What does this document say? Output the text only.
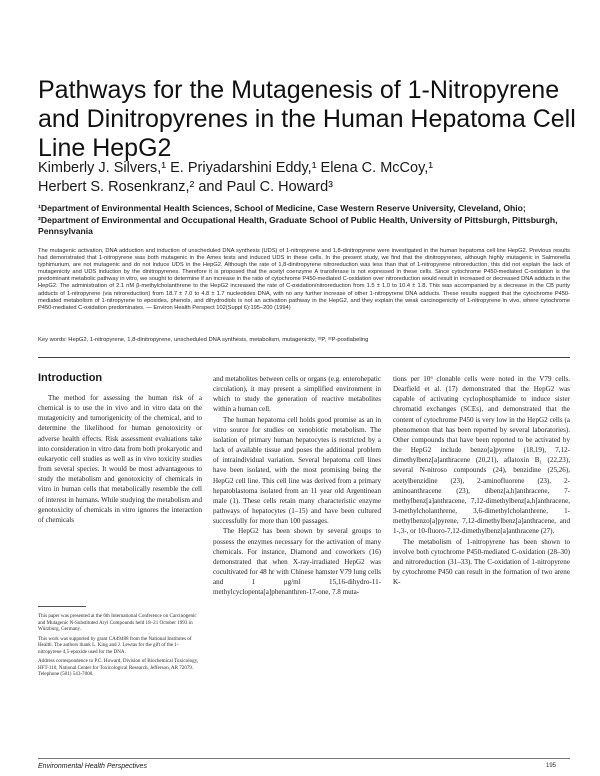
Pathways for the Mutagenesis of 1-Nitropyrene and Dinitropyrenes in the Human Hepatoma Cell Line HepG2
Kimberly J. Silvers,¹ E. Priyadarshini Eddy,¹ Elena C. McCoy,¹
Herbert S. Rosenkranz,² and Paul C. Howard³
¹Department of Environmental Health Sciences, School of Medicine, Case Western Reserve University, Cleveland, Ohio; ²Department of Environmental and Occupational Health, Graduate School of Public Health, University of Pittsburgh, Pittsburgh, Pennsylvania
The mutagenic activation, DNA adduction and induction of unscheduled DNA synthesis (UDS) of 1-nitropyrene and 1,8-dinitropyrene were investigated in the human hepatoma cell line HepG2. Previous results had demonstrated that 1-nitropyrene was both mutagenic in the Ames tests and induced UDS in these cells. In the present study, we find that the dinitropyrenes, although highly mutagenic in Salmonella typhimurium, are not mutagenic and do not induce UDS in the HepG2. Although the rate of 1,8-dinitropyrene nitroreduction was less than that of 1-nitropyrene nitroreduction, this did not explain the lack of mutagenicity and UDS induction by the dinitropyrenes. Therefore it is proposed that the acetyl coenzyme A transferase is not expressed in these cells. Since cytochrome P450-mediated C-oxidation is the predominant metabolic pathway in vitro, we sought to determine if an increase in the ratio of cytochrome P450-mediated C-oxidation over nitroreduction would result in increased or decreased DNA adducts in the HepG2. The administration of 2.1 nM β-methylcholanthrene to the HepG2 increased the rate of C-oxidation/nitroreduction from 1.5 ± 1.0 to 10.4 ± 1.8. This was accompanied by a decrease in the CB purity adducts of 1-nitropyrene (via nitroreduction) from 18.7 ± 7.0 to 4.8 ± 1.7 nucleotides DNA, with no any further increase of other 1-nitropyrene DNA adducts. These results suggest that the cytochrome P450-mediated metabolism of 1-nitropyrene to epoxides, phenols, and dihydrodiols is not an activation pathway in the HepG2, and they explain the weak carcinogenicity of 1-nitropyrene in vivo, where cytochrome P450-mediated C-oxidation predominates. — Environ Health Perspect 102(Suppl 6):195–200 (1994)
Key words: HepG2, 1-nitropyrene, 1,8-dinitropyrene, unscheduled DNA synthesis, metabolism, mutagenicity, ³²P, ³²P-postlabeling
Introduction

The method for assessing the human risk of a chemical is to use the in vivo and in vitro data on the mutagenicity and tumorigenicity of the chemical, and to determine the likelihood for human genotoxicity or adverse health effects. Risk assessment evaluations take into consideration in vitro data from both prokaryotic and eukaryotic cell studies as well as in vivo toxicity studies from several species. It would be most advantageous to study the metabolism and genotoxicity of chemicals in vitro in human cells that metabolically resemble the cell of interest in humans. While studying the metabolism and genotoxicity of chemicals in vitro ignores the interaction of chemicals

This paper was presented at the 6th International Conference on Carcinogenic and Mutagenic N-Substituted Aryl Compounds held 18–21 October 1993 in Würzburg, Germany.

This work was supported by grant CA49488 from the National Institutes of Health. The authors thank L. King and J. Lewtas for the gift of the 1-nitropyrene 4,5-epoxide used for the DNA.

Address correspondence to P.C. Howard, Division of Biochemical Toxicology, HFT-110, National Center for Toxicological Research, Jefferson, AR 72079. Telephone (501) 543-7000.

and metabolites between cells or organs (e.g. enterohepatic circulation), it may present a simplified environment in which to study the generation of reactive metabolites within a human cell.

The human hepatoma cell holds good promise as an in vitro source for studies on xenobiotic metabolism. The isolation of primary human hepatocytes is restricted by a lack of available tissue and poses the additional problem of intraindividual variation. Several hepatoma cell lines have been isolated, with the most promising being the HepG2 cell line. This cell line was derived from a primary hepatoblastoma isolated from an 11 year old Argentinean male (1). These cells retain many characteristic enzyme pathways of hepatocytes (1–15) and have been cultured successfully for more than 100 passages.

The HepG2 has been shown by several groups to possess the enzymes necessary for the activation of many chemicals. For instance, Diamond and coworkers (16) demonstrated that when X-ray-irradiated HepG2 was cocultivated for 48 hr with Chinese hamster V79 lung cells and 1 µg/ml 15,16-dihydro-11-methylcyclopenta[a]phenanthren-17-one, 7.8 muta-

tions per 10⁶ clonable cells were noted in the V79 cells. Dearfield et al. (17) demonstrated that the HepG2 was capable of activating cyclophosphamide to induce sister chromatid exchanges (SCEs), and demonstrated that the content of cytochrome P450 is very low in the HepG2 cells (a phenomenon that has been reported by several laboratories). Other compounds that have been reported to be activated by the HepG2 include benzo[a]pyrene (18,19), 7,12-dimethylbenz[a]anthracene (20,21), aflatoxin B₁ (22,23), several N-nitroso compounds (24), benzidine (25,26), acetylbenzidine (23), 2-aminofluorene (23), 2-aminoanthracene (23), dibenz[a,h]anthracene, 7-methylbenz[a]anthracene, 7,12-dimethylbenz[a,h]anthracene, 3-methylcholanthrene, 3,6-dimethylcholanthrene, 1-methylbenzo[a]pyrene, 7,12-dimethylbenz[a]anthracene, and 1-,3-, or 10-fluoro-7,12-dimethylbenz[a]anthracene (27).

The metabolism of 1-nitropyrene has been shown to involve both cytochrome P450-mediated C-oxidation (28–30) and nitroreduction (31–33). The C-oxidation of 1-nitropyrene by cytochrome P450 can result in the formation of two arene K-

Environmental Health Perspectives	195
